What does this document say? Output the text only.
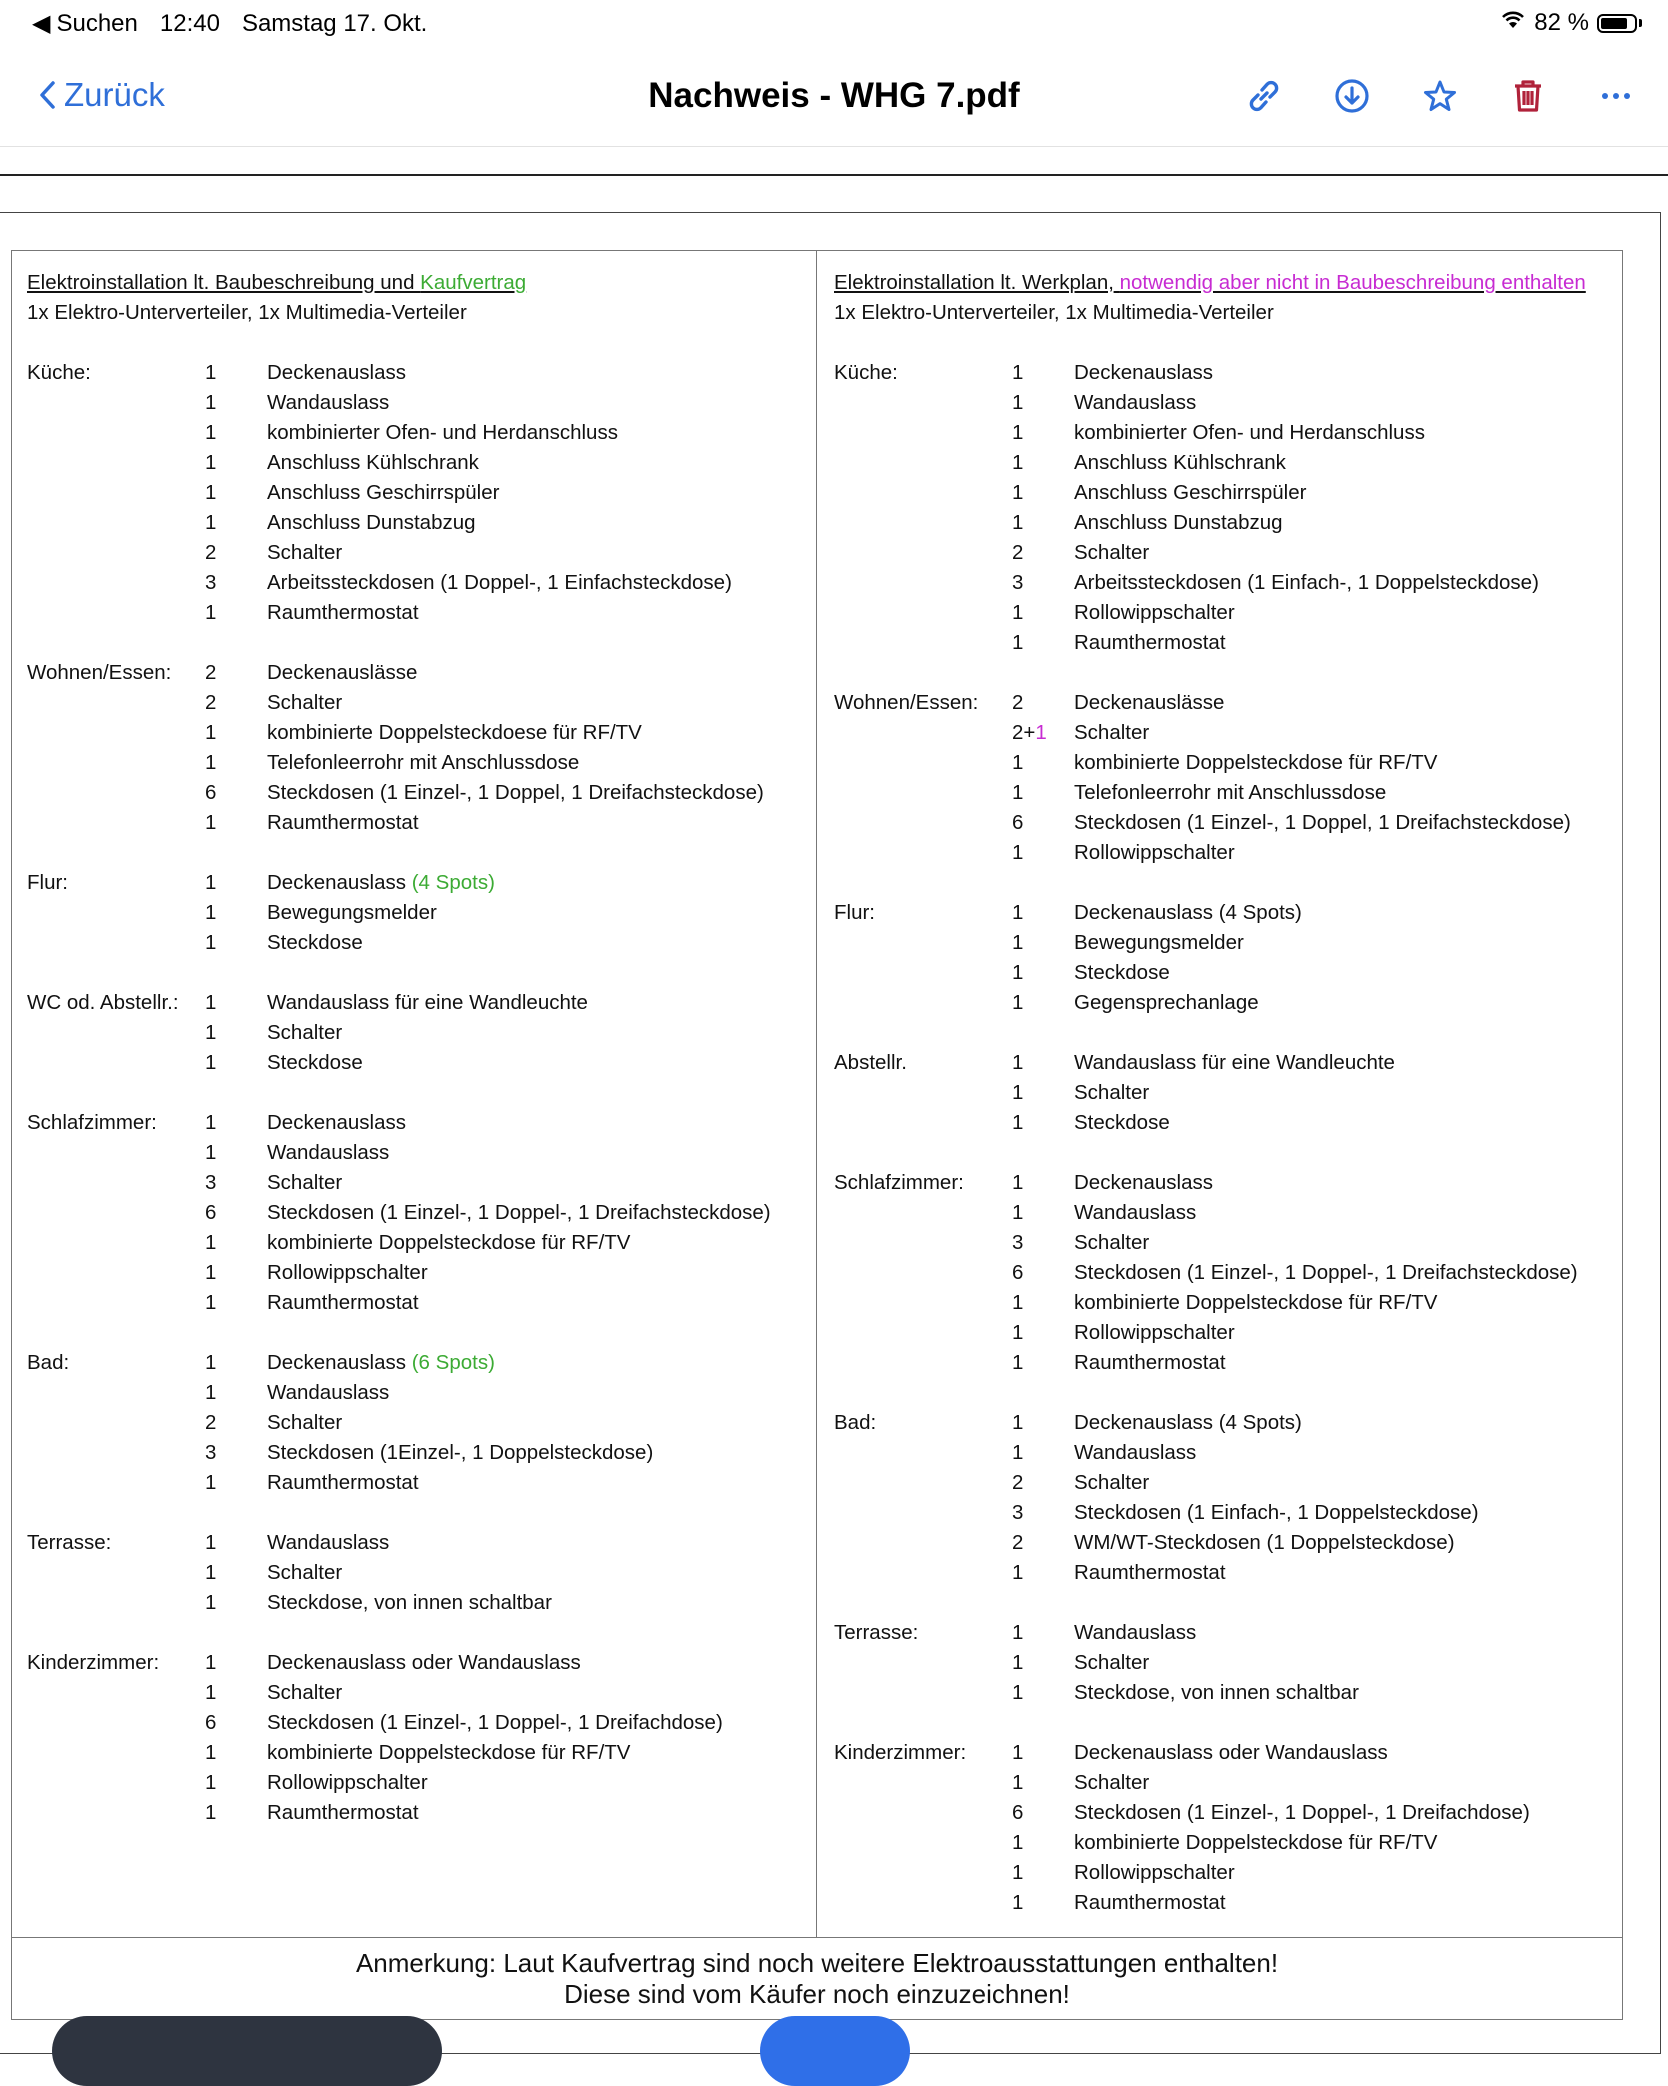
◀ Suchen 12:40 Samstag 17. Okt.	82 %
Zurück	Nachweis - WHG 7.pdf
Elektroinstallation lt. Baubeschreibung und Kaufvertrag
1x Elektro-Unterverteiler, 1x Multimedia-Verteiler
Küche:	1	Deckenauslass
1	Wandauslass
1	kombinierter Ofen- und Herdanschluss
1	Anschluss Kühlschrank
1	Anschluss Geschirrspüler
1	Anschluss Dunstabzug
2	Schalter
3	Arbeitssteckdosen (1 Doppel-, 1 Einfachsteckdose)
1	Raumthermostat
Wohnen/Essen:	2	Deckenauslässe
2	Schalter
1	kombinierte Doppelsteckdoese für RF/TV
1	Telefonleerrohr mit Anschlussdose
6	Steckdosen (1 Einzel-, 1 Doppel, 1 Dreifachsteckdose)
1	Raumthermostat
Flur:	1	Deckenauslass (4 Spots)
1	Bewegungsmelder
1	Steckdose
WC od. Abstellr.:	1	Wandauslass für eine Wandleuchte
1	Schalter
1	Steckdose
Schlafzimmer:	1	Deckenauslass
1	Wandauslass
3	Schalter
6	Steckdosen (1 Einzel-, 1 Doppel-, 1 Dreifachsteckdose)
1	kombinierte Doppelsteckdose für RF/TV
1	Rollowippschalter
1	Raumthermostat
Bad:	1	Deckenauslass (6 Spots)
1	Wandauslass
2	Schalter
3	Steckdosen (1Einzel-, 1 Doppelsteckdose)
1	Raumthermostat
Terrasse:	1	Wandauslass
1	Schalter
1	Steckdose, von innen schaltbar
Kinderzimmer:	1	Deckenauslass oder Wandauslass
1	Schalter
6	Steckdosen (1 Einzel-, 1 Doppel-, 1 Dreifachdose)
1	kombinierte Doppelsteckdose für RF/TV
1	Rollowippschalter
1	Raumthermostat
Elektroinstallation lt. Werkplan, notwendig aber nicht in Baubeschreibung enthalten
1x Elektro-Unterverteiler, 1x Multimedia-Verteiler
Küche:	1	Deckenauslass
1	Wandauslass
1	kombinierter Ofen- und Herdanschluss
1	Anschluss Kühlschrank
1	Anschluss Geschirrspüler
1	Anschluss Dunstabzug
2	Schalter
3	Arbeitssteckdosen (1 Einfach-, 1 Doppelsteckdose)
1	Rollowippschalter
1	Raumthermostat
Wohnen/Essen:	2	Deckenauslässe
2+1	Schalter
1	kombinierte Doppelsteckdose für RF/TV
1	Telefonleerrohr mit Anschlussdose
6	Steckdosen (1 Einzel-, 1 Doppel, 1 Dreifachsteckdose)
1	Rollowippschalter
Flur:	1	Deckenauslass (4 Spots)
1	Bewegungsmelder
1	Steckdose
1	Gegensprechanlage
Abstellr.	1	Wandauslass für eine Wandleuchte
1	Schalter
1	Steckdose
Schlafzimmer:	1	Deckenauslass
1	Wandauslass
3	Schalter
6	Steckdosen (1 Einzel-, 1 Doppel-, 1 Dreifachsteckdose)
1	kombinierte Doppelsteckdose für RF/TV
1	Rollowippschalter
1	Raumthermostat
Bad:	1	Deckenauslass (4 Spots)
1	Wandauslass
2	Schalter
3	Steckdosen (1 Einfach-, 1 Doppelsteckdose)
2	WM/WT-Steckdosen (1 Doppelsteckdose)
1	Raumthermostat
Terrasse:	1	Wandauslass
1	Schalter
1	Steckdose, von innen schaltbar
Kinderzimmer:	1	Deckenauslass oder Wandauslass
1	Schalter
6	Steckdosen (1 Einzel-, 1 Doppel-, 1 Dreifachdose)
1	kombinierte Doppelsteckdose für RF/TV
1	Rollowippschalter
1	Raumthermostat
Anmerkung: Laut Kaufvertrag sind noch weitere Elektroausstattungen enthalten!
Diese sind vom Käufer noch einzuzeichnen!
